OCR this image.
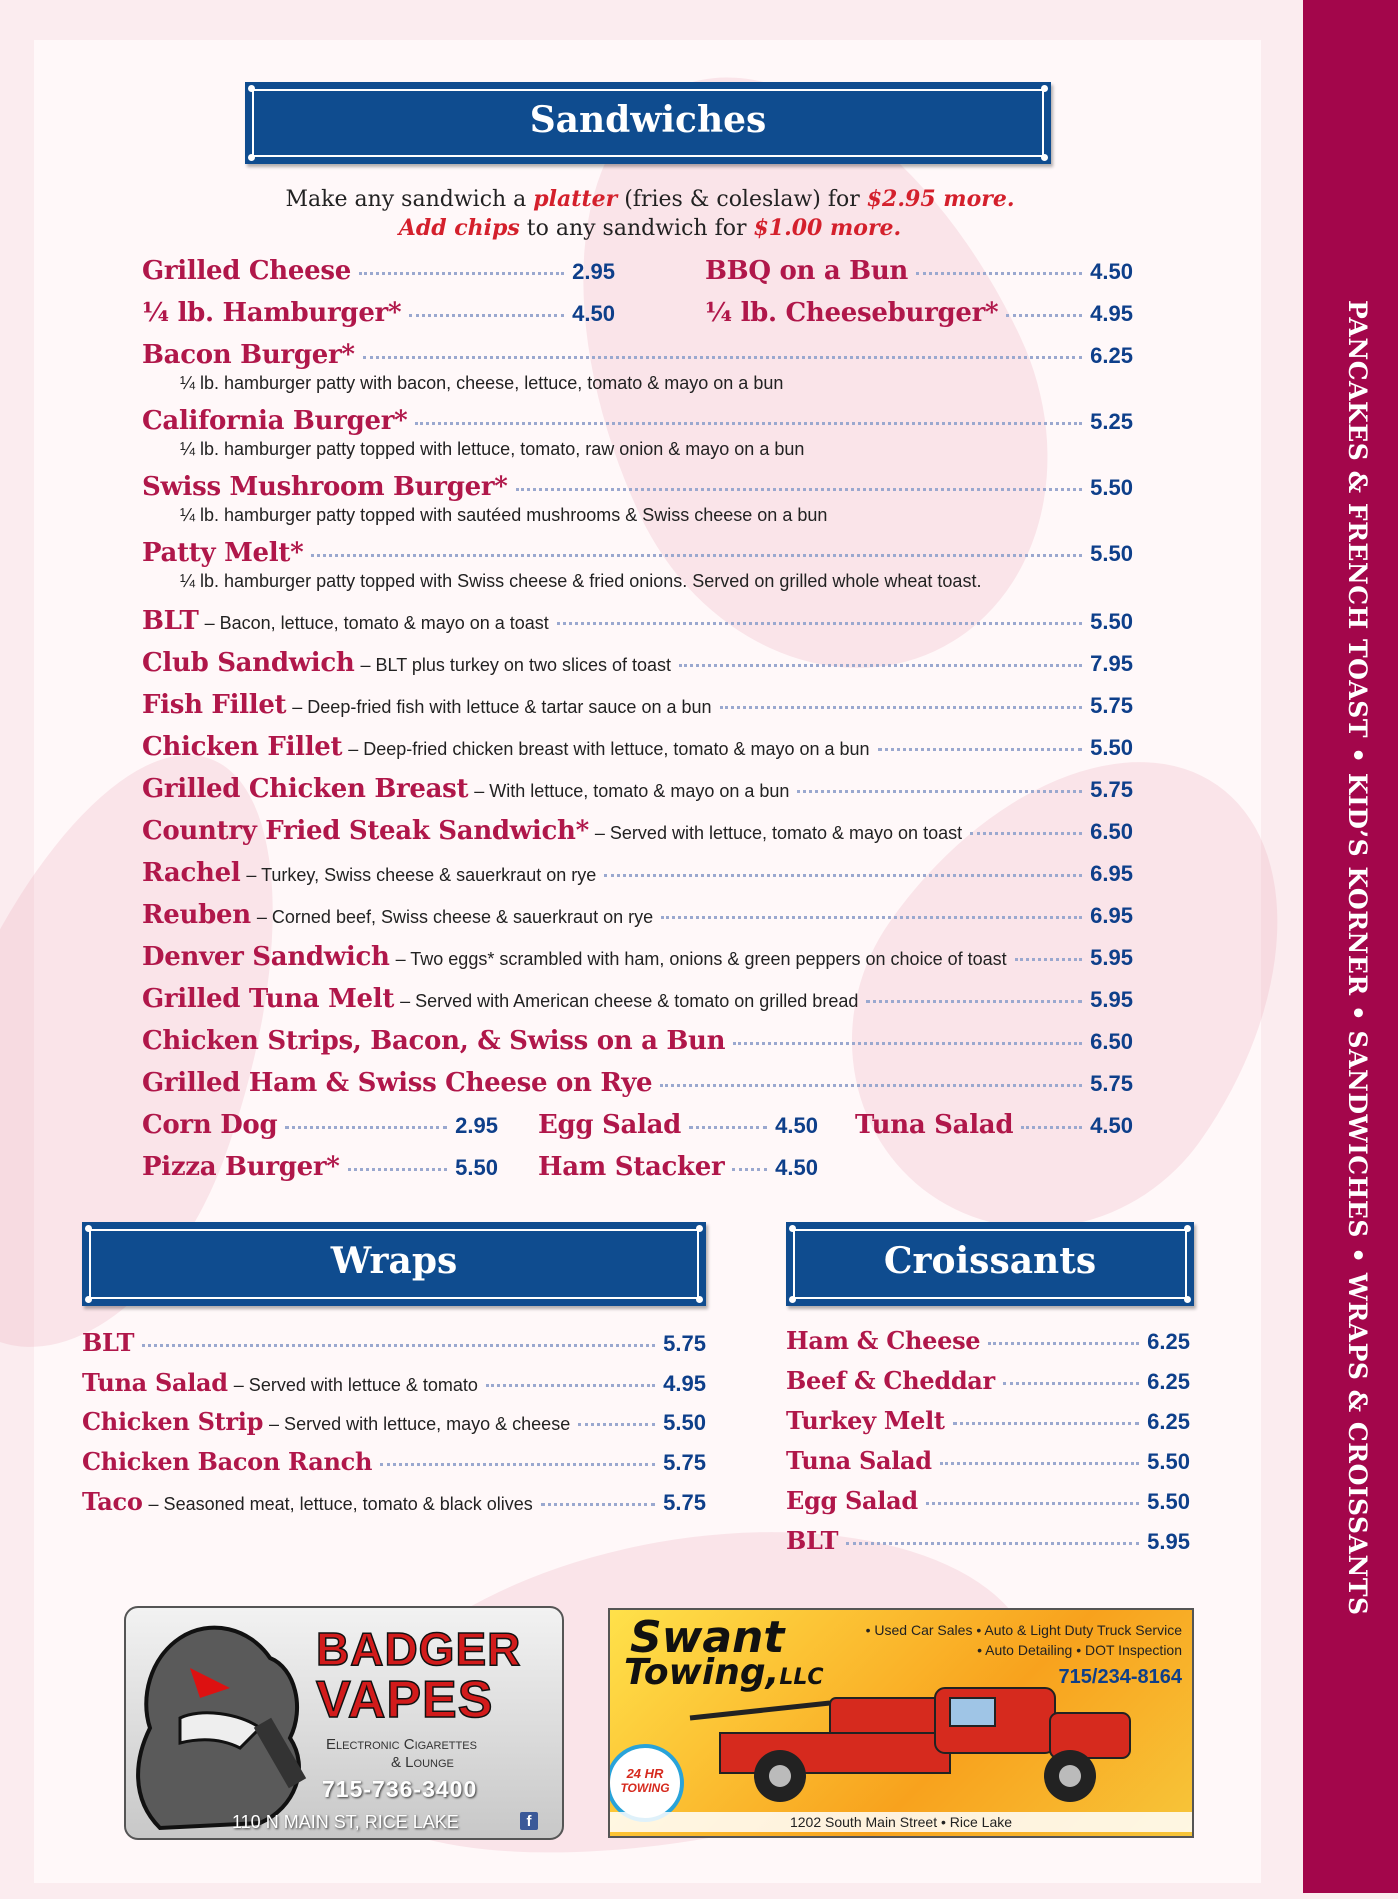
PANCAKES & FRENCH TOAST • KID’S KORNER • SANDWICHES • WRAPS & CROISSANTS
Sandwiches
Make any sandwich a platter (fries & coleslaw) for $2.95 more.
Add chips to any sandwich for $1.00 more.
Grilled Cheese	2.95	BBQ on a Bun	4.50
¼ lb. Hamburger*	4.50	¼ lb. Cheeseburger*	4.95
Bacon Burger*	6.25
¼ lb. hamburger patty with bacon, cheese, lettuce, tomato & mayo on a bun
California Burger*	5.25
¼ lb. hamburger patty topped with lettuce, tomato, raw onion & mayo on a bun
Swiss Mushroom Burger*	5.50
¼ lb. hamburger patty topped with sautéed mushrooms & Swiss cheese on a bun
Patty Melt*	5.50
¼ lb. hamburger patty topped with Swiss cheese & fried onions. Served on grilled whole wheat toast.
BLT – Bacon, lettuce, tomato & mayo on a toast	5.50
Club Sandwich – BLT plus turkey on two slices of toast	7.95
Fish Fillet – Deep-fried fish with lettuce & tartar sauce on a bun	5.75
Chicken Fillet – Deep-fried chicken breast with lettuce, tomato & mayo on a bun	5.50
Grilled Chicken Breast – With lettuce, tomato & mayo on a bun	5.75
Country Fried Steak Sandwich* – Served with lettuce, tomato & mayo on toast	6.50
Rachel – Turkey, Swiss cheese & sauerkraut on rye	6.95
Reuben – Corned beef, Swiss cheese & sauerkraut on rye	6.95
Denver Sandwich – Two eggs* scrambled with ham, onions & green peppers on choice of toast	5.95
Grilled Tuna Melt – Served with American cheese & tomato on grilled bread	5.95
Chicken Strips, Bacon, & Swiss on a Bun	6.50
Grilled Ham & Swiss Cheese on Rye	5.75
Corn Dog	2.95 Egg Salad	4.50 Tuna Salad	4.50
Pizza Burger*	5.50 Ham Stacker 4.50
Wraps
BLT	5.75
Tuna Salad – Served with lettuce & tomato	4.95
Chicken Strip – Served with lettuce, mayo & cheese	5.50
Chicken Bacon Ranch	5.75
Taco – Seasoned meat, lettuce, tomato & black olives	5.75
Croissants
Ham & Cheese	6.25
Beef & Cheddar	6.25
Turkey Melt	6.25
Tuna Salad	5.50
Egg Salad	5.50
BLT	5.95
BADGER
VAPES
Electronic Cigarettes
& Lounge
715-736-3400
110 N MAIN ST, RICE LAKE	f
Swant
Towing,LLC
• Used Car Sales • Auto & Light Duty Truck Service
• Auto Detailing • DOT Inspection
715/234-8164
24 HR
TOWING
1202 South Main Street • Rice Lake
